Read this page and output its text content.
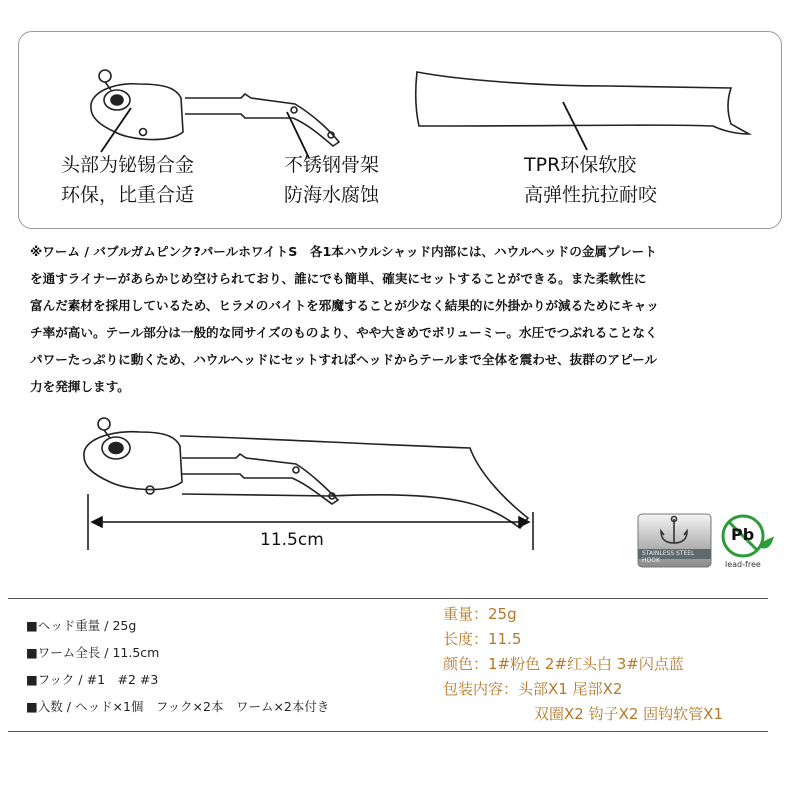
头部为铋锡合金
环保，比重合适
不锈钢骨架
防海水腐蚀
TPR环保软胶
高弹性抗拉耐咬
※ワーム / バブルガムピンク?パールホワイトS　各1本ハウルシャッド内部には、ハウルヘッドの金属プレート
を通すライナーがあらかじめ空けられており、誰にでも簡単、確実にセットすることができる。また柔軟性に
富んだ素材を採用しているため、ヒラメのバイトを邪魔することが少なく結果的に外掛かりが減るためにキャッ
チ率が高い。テール部分は一般的な同サイズのものより、やや大きめでボリューミー。水圧でつぶれることなく
パワーたっぷりに動くため、ハウルヘッドにセットすればヘッドからテールまで全体を震わせ、抜群のアピール
力を発揮します。
11.5cm
STAINLESS STEEL HOOK
Pb
lead-free
■ヘッド重量 / 25g
■ワーム全長 / 11.5cm
■フック / #1　#2 #3
■入数 / ヘッド×1個　フック×2本　ワーム×2本付き
重量：25g
长度：11.5
颜色：1#粉色 2#红头白 3#闪点蓝
包装内容：头部X1 尾部X2
双圈X2 钩子X2 固钩软管X1
